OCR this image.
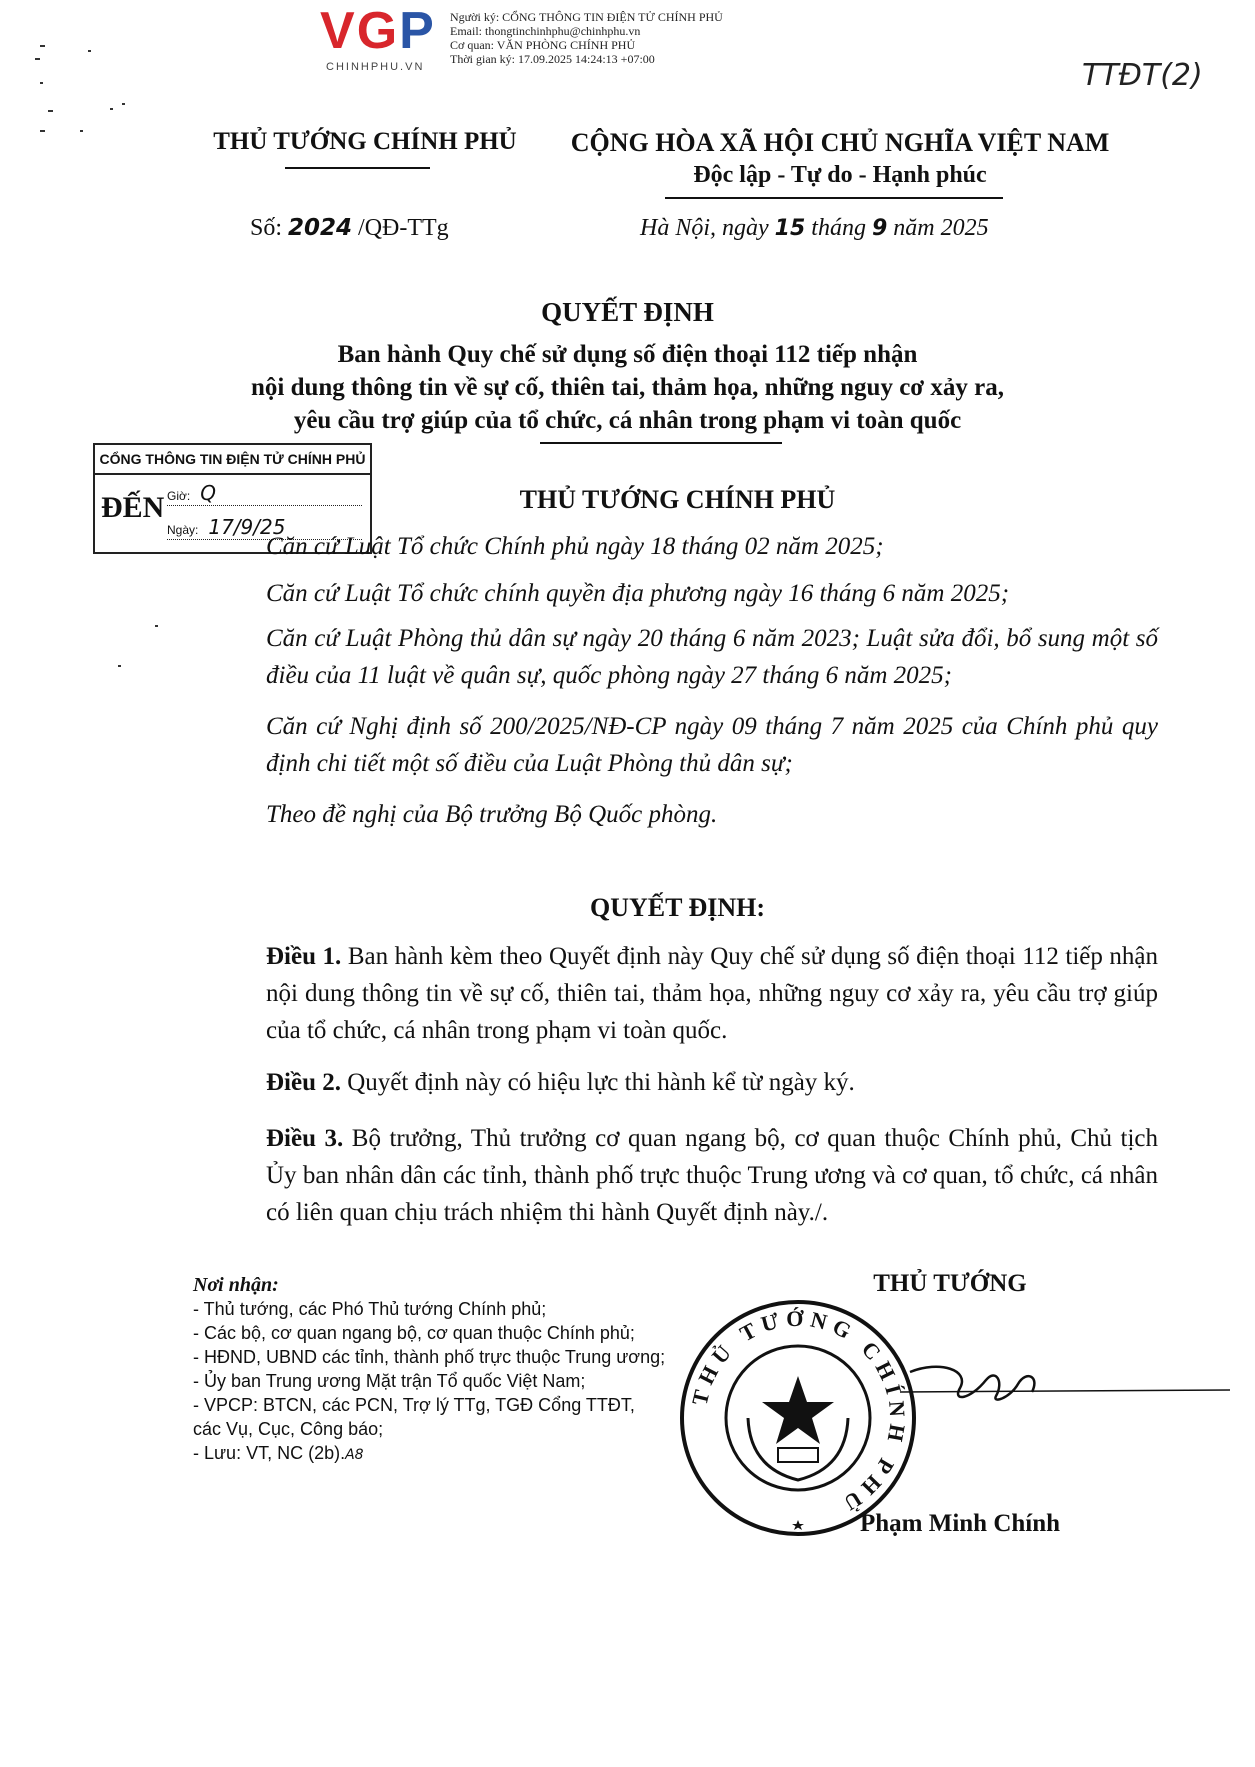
VGP
CHINHPHU.VN
Người ký: CỔNG THÔNG TIN ĐIỆN TỬ CHÍNH PHỦ
Email: thongtinchinhphu@chinhphu.vn
Cơ quan: VĂN PHÒNG CHÍNH PHỦ
Thời gian ký: 17.09.2025 14:24:13 +07:00	TTĐT(2)
THỦ TƯỚNG CHÍNH PHỦ	CỘNG HÒA XÃ HỘI CHỦ NGHĨA VIỆT NAM
Độc lập - Tự do - Hạnh phúc
Số: 2024 /QĐ-TTg	Hà Nội, ngày 15 tháng 9 năm 2025
QUYẾT ĐỊNH
Ban hành Quy chế sử dụng số điện thoại 112 tiếp nhận
nội dung thông tin về sự cố, thiên tai, thảm họa, những nguy cơ xảy ra,
yêu cầu trợ giúp của tổ chức, cá nhân trong phạm vi toàn quốc
CỔNG THÔNG TIN ĐIỆN TỬ CHÍNH PHỦ
ĐẾN Giờ: Q
Ngày: 17/9/25
THỦ TƯỚNG CHÍNH PHỦ
Căn cứ Luật Tổ chức Chính phủ ngày 18 tháng 02 năm 2025;
Căn cứ Luật Tổ chức chính quyền địa phương ngày 16 tháng 6 năm 2025;
Căn cứ Luật Phòng thủ dân sự ngày 20 tháng 6 năm 2023; Luật sửa đổi, bổ sung một số điều của 11 luật về quân sự, quốc phòng ngày 27 tháng 6 năm 2025;
Căn cứ Nghị định số 200/2025/NĐ-CP ngày 09 tháng 7 năm 2025 của Chính phủ quy định chi tiết một số điều của Luật Phòng thủ dân sự;
Theo đề nghị của Bộ trưởng Bộ Quốc phòng.
QUYẾT ĐỊNH:
Điều 1. Ban hành kèm theo Quyết định này Quy chế sử dụng số điện thoại 112 tiếp nhận nội dung thông tin về sự cố, thiên tai, thảm họa, những nguy cơ xảy ra, yêu cầu trợ giúp của tổ chức, cá nhân trong phạm vi toàn quốc.
Điều 2. Quyết định này có hiệu lực thi hành kể từ ngày ký.
Điều 3. Bộ trưởng, Thủ trưởng cơ quan ngang bộ, cơ quan thuộc Chính phủ, Chủ tịch Ủy ban nhân dân các tỉnh, thành phố trực thuộc Trung ương và cơ quan, tổ chức, cá nhân có liên quan chịu trách nhiệm thi hành Quyết định này./.
Nơi nhận:
- Thủ tướng, các Phó Thủ tướng Chính phủ;
- Các bộ, cơ quan ngang bộ, cơ quan thuộc Chính phủ;
- HĐND, UBND các tỉnh, thành phố trực thuộc Trung ương;
- Ủy ban Trung ương Mặt trận Tổ quốc Việt Nam;
- VPCP: BTCN, các PCN, Trợ lý TTg, TGĐ Cổng TTĐT,
các Vụ, Cục, Công báo;
- Lưu: VT, NC (2b).A8
THỦ TƯỚNG
THỦ TƯỚNG CHÍNH PHỦ
Phạm Minh Chính
